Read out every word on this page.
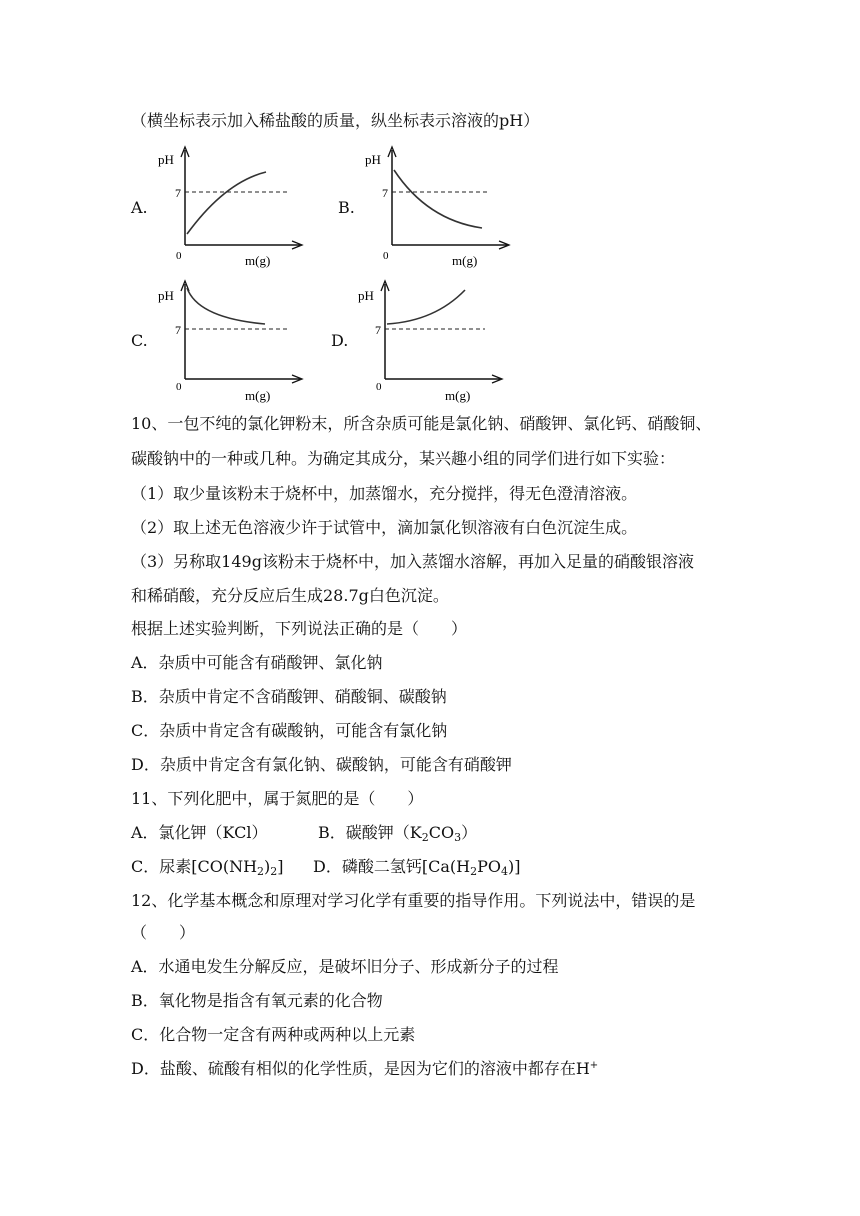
（横坐标表示加入稀盐酸的质量，纵坐标表示溶液的pH）
A.	B.
C.	D.
pH
7
0	m(g)
pH
7
0	m(g)
pH
7
0
m(g)
pH
7
0
m(g)
10、一包不纯的氯化钾粉末，所含杂质可能是氯化钠、硝酸钾、氯化钙、硝酸铜、
碳酸钠中的一种或几种。为确定其成分，某兴趣小组的同学们进行如下实验：
（1）取少量该粉末于烧杯中，加蒸馏水，充分搅拌，得无色澄清溶液。
（2）取上述无色溶液少许于试管中，滴加氯化钡溶液有白色沉淀生成。
（3）另称取149g该粉末于烧杯中，加入蒸馏水溶解，再加入足量的硝酸银溶液
和稀硝酸，充分反应后生成28.7g白色沉淀。
根据上述实验判断，下列说法正确的是（　　）
A．杂质中可能含有硝酸钾、氯化钠
B．杂质中肯定不含硝酸钾、硝酸铜、碳酸钠
C．杂质中肯定含有碳酸钠，可能含有氯化钠
D．杂质中肯定含有氯化钠、碳酸钠，可能含有硝酸钾
11、下列化肥中，属于氮肥的是（　　）
A．氯化钾（KCl）	B．碳酸钾$(K_2CO_3)$
C．尿素$[CO(NH_2)_2]$ D．磷酸二氢钙$[Ca(H_2PO_4)]$
12、化学基本概念和原理对学习化学有重要的指导作用。下列说法中，错误的是
（　　）
A．水通电发生分解反应，是破坏旧分子、形成新分子的过程
B．氧化物是指含有氧元素的化合物
C．化合物一定含有两种或两种以上元素
D．盐酸、硫酸有相似的化学性质，是因为它们的溶液中都存在H+
